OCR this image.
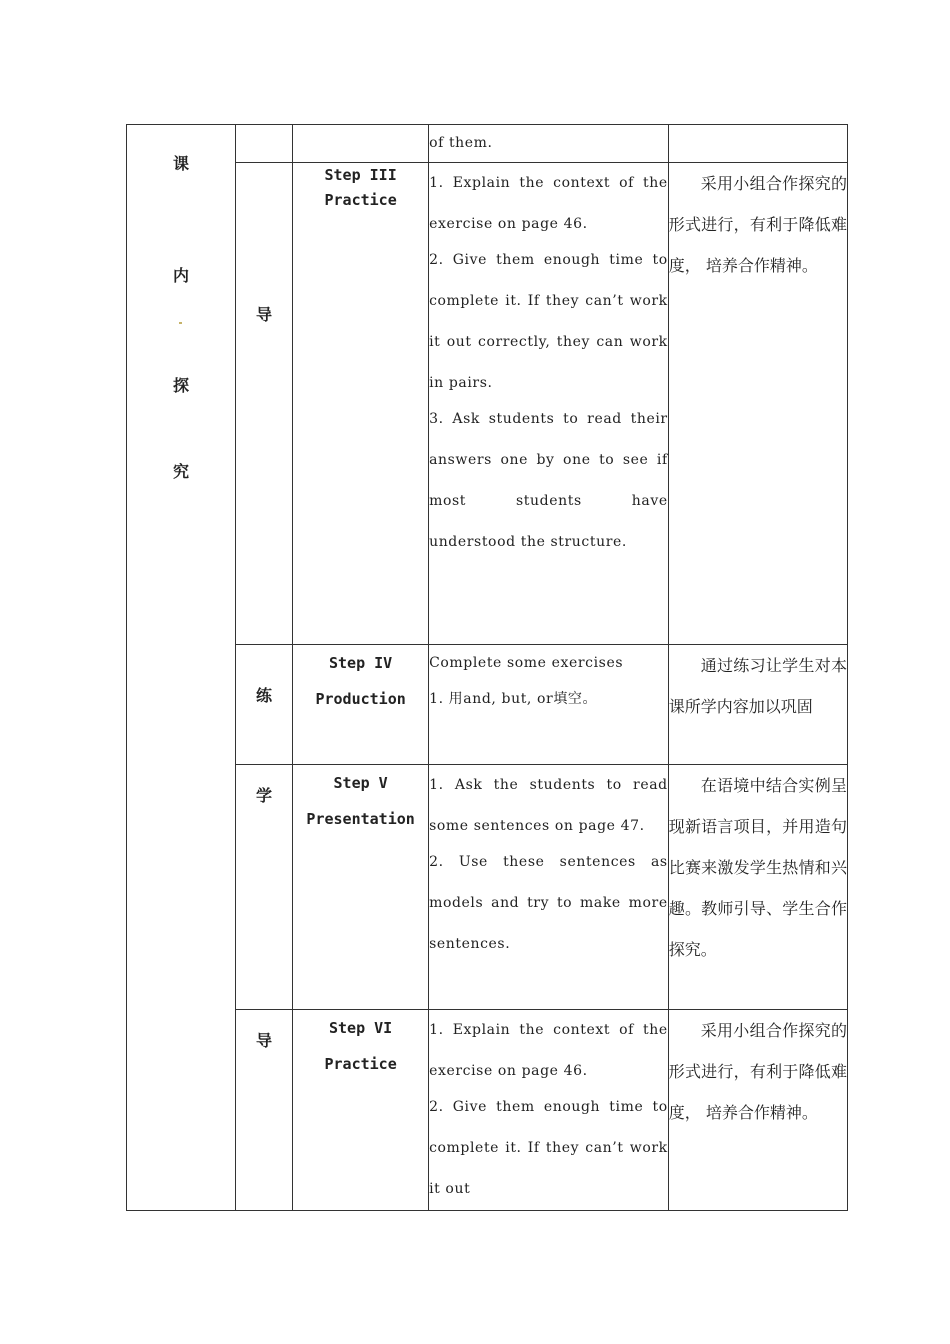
课
内
探
究			of them.	

	导	Step III
Practice	1. Explain the context of the exercise on page 46.
2. Give them enough time to complete it. If they can’t work it out correctly, they can work in pairs.
3. Ask students to read their answers one by one to see if most students have understood the structure.	采用小组合作探究的形式进行，有利于降低难度， 培养合作精神。
	练	Step IV
Production	Complete some exercises
1. 用and, but, or填空。	通过练习让学生对本课所学内容加以巩固
	学	Step V
Presentation	1. Ask the students to read some sentences on page 47.
2. Use these sentences as models and try to make more sentences.	在语境中结合实例呈现新语言项目，并用造句比赛来激发学生热情和兴趣。教师引导、学生合作探究。
	导	Step VI
Practice	1. Explain the context of the exercise on page 46.
2. Give them enough time to complete it. If they can’t work it out	采用小组合作探究的形式进行，有利于降低难度， 培养合作精神。
